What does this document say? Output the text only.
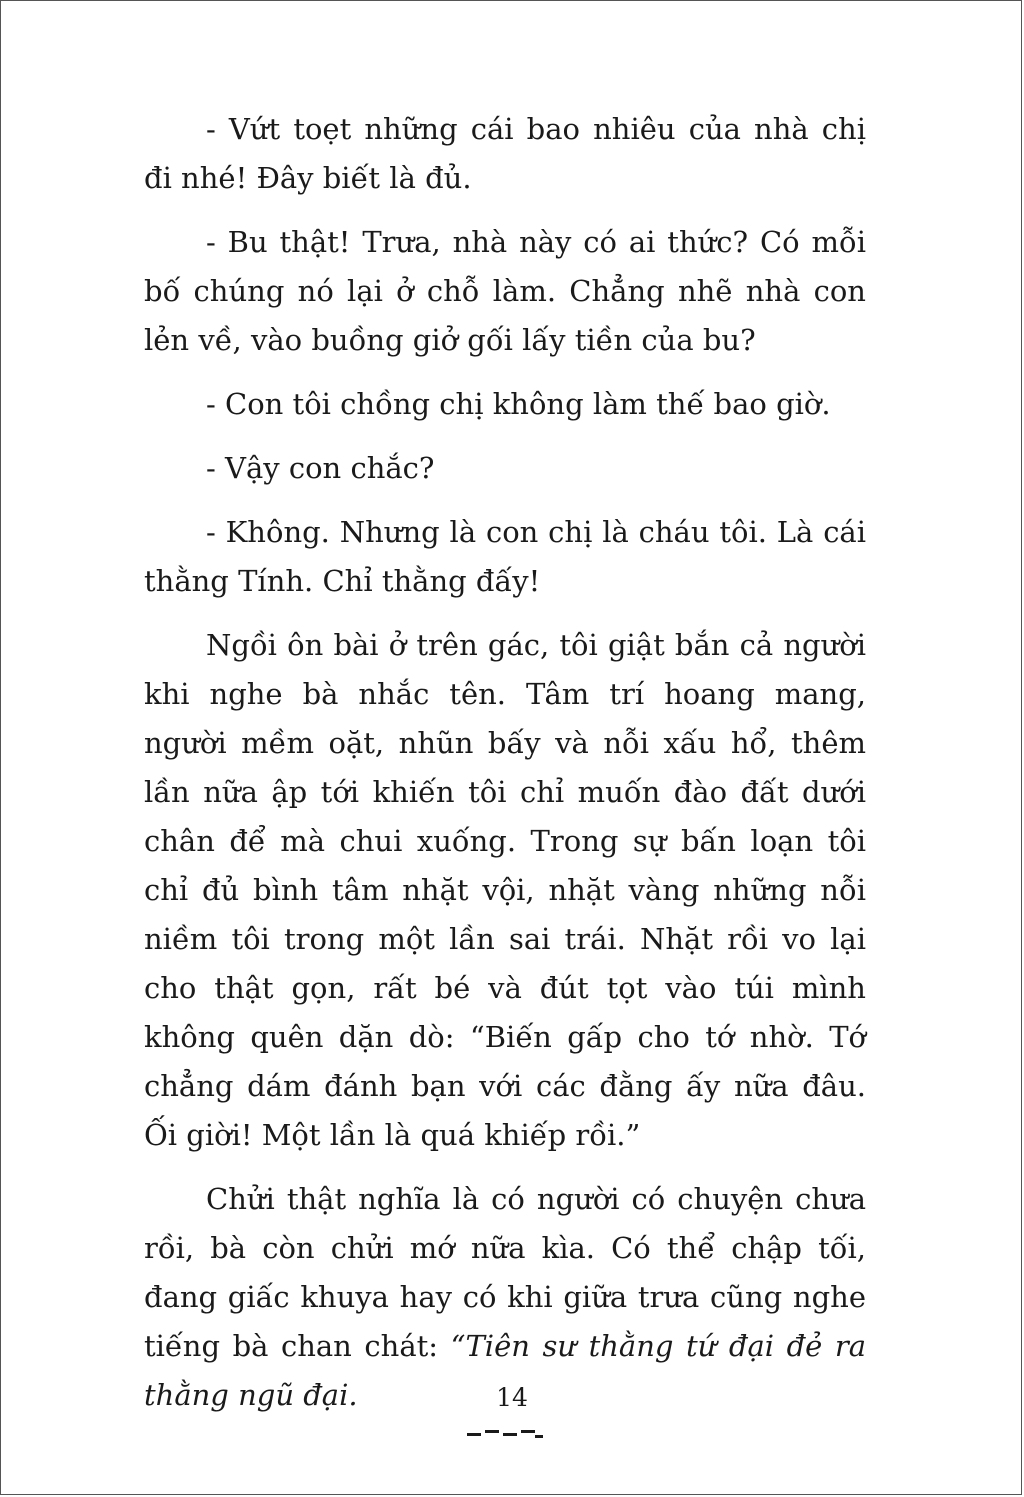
- Vứt toẹt những cái bao nhiêu của nhà chị đi nhé! Đây biết là đủ.

- Bu thật! Trưa, nhà này có ai thức? Có mỗi bố chúng nó lại ở chỗ làm. Chẳng nhẽ nhà con lẻn về, vào buồng giở gối lấy tiền của bu?

- Con tôi chồng chị không làm thế bao giờ.

- Vậy con chắc?

- Không. Nhưng là con chị là cháu tôi. Là cái thằng Tính. Chỉ thằng đấy!

Ngồi ôn bài ở trên gác, tôi giật bắn cả người khi nghe bà nhắc tên. Tâm trí hoang mang, người mềm oặt, nhũn bấy và nỗi xấu hổ, thêm lần nữa ập tới khiến tôi chỉ muốn đào đất dưới chân để mà chui xuống. Trong sự bấn loạn tôi chỉ đủ bình tâm nhặt vội, nhặt vàng những nỗi niềm tôi trong một lần sai trái. Nhặt rồi vo lại cho thật gọn, rất bé và đút tọt vào túi mình không quên dặn dò: “Biến gấp cho tớ nhờ. Tớ chẳng dám đánh bạn với các đằng ấy nữa đâu. Ối giời! Một lần là quá khiếp rồi.”

Chửi thật nghĩa là có người có chuyện chưa rồi, bà còn chửi mớ nữa kìa. Có thể chập tối, đang giấc khuya hay có khi giữa trưa cũng nghe tiếng bà chan chát: “Tiên sư thằng tứ đại đẻ ra thằng ngũ đại.	14
